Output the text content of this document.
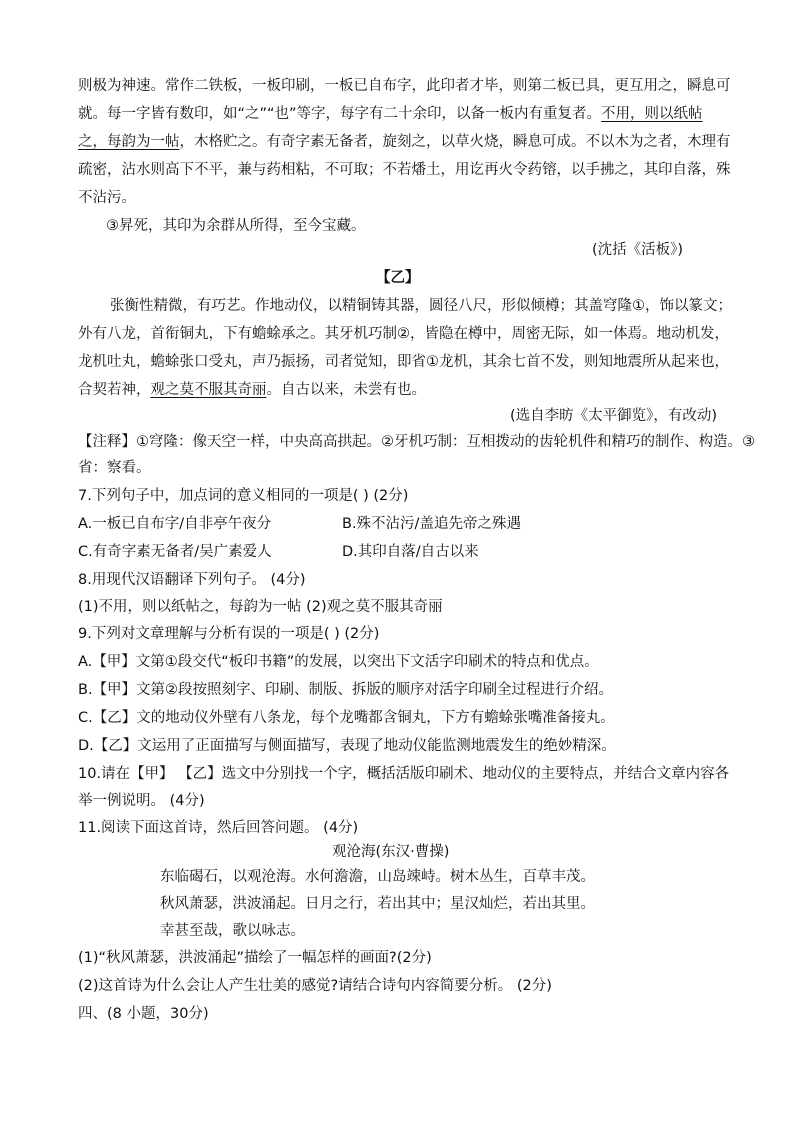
则极为神速。常作二铁板，一板印刷，一板已自布字，此印者才毕，则第二板已具，更互用之，瞬息可
就。每一字皆有数印，如“之”“也”等字，每字有二十余印，以备一板内有重复者。不用，则以纸帖
之，每韵为一帖，木格贮之。有奇字素无备者，旋刻之，以草火烧，瞬息可成。不以木为之者，木理有
疏密，沾水则高下不平，兼与药相粘，不可取；不若燔土，用讫再火令药镕，以手拂之，其印自落，殊
不沾污。
③昇死，其印为余群从所得，至今宝藏。
(沈括《活板》)
【乙】
张衡性精微，有巧艺。作地动仪，以精铜铸其器，圆径八尺，形似倾樽；其盖穹隆①，饰以篆文；
外有八龙，首衔铜丸，下有蟾蜍承之。其牙机巧制②，皆隐在樽中，周密无际，如一体焉。地动机发，
龙机吐丸，蟾蜍张口受丸，声乃振扬，司者觉知，即省①龙机，其余七首不发，则知地震所从起来也，
合契若神，观之莫不服其奇丽。自古以来，未尝有也。
(选自李昉《太平御览》，有改动)
【注释】①穹隆：像天空一样，中央高高拱起。②牙机巧制：互相拨动的齿轮机件和精巧的制作、构造。③
省：察看。
7.下列句子中，加点词的意义相同的一项是( ) (2分)
A.一板已自布字/自非亭午夜分	B.殊不沾污/盖追先帝之殊遇
C.有奇字素无备者/吴广素爱人	D.其印自落/自古以来
8.用现代汉语翻译下列句子。 (4分)
(1)不用，则以纸帖之，每韵为一帖 (2)观之莫不服其奇丽
9.下列对文章理解与分析有误的一项是( ) (2分)
A.【甲】文第①段交代“板印书籍”的发展，以突出下文活字印刷术的特点和优点。
B.【甲】文第②段按照刻字、印刷、制版、拆版的顺序对活字印刷全过程进行介绍。
C.【乙】文的地动仪外壁有八条龙，每个龙嘴都含铜丸，下方有蟾蜍张嘴准备接丸。
D.【乙】文运用了正面描写与侧面描写，表现了地动仪能监测地震发生的绝妙精深。
10.请在【甲】 【乙】选文中分别找一个字，概括活版印刷术、地动仪的主要特点，并结合文章内容各
举一例说明。 (4分)
11.阅读下面这首诗，然后回答问题。 (4分)
观沧海(东汉·曹操)
东临碣石，以观沧海。水何澹澹，山岛竦峙。树木丛生，百草丰茂。
秋风萧瑟，洪波涌起。日月之行，若出其中；星汉灿烂，若出其里。
幸甚至哉，歌以咏志。
(1)“秋风萧瑟，洪波涌起”描绘了一幅怎样的画面?(2分)
(2)这首诗为什么会让人产生壮美的感觉?请结合诗句内容简要分析。 (2分)
四、(8 小题，30分)
